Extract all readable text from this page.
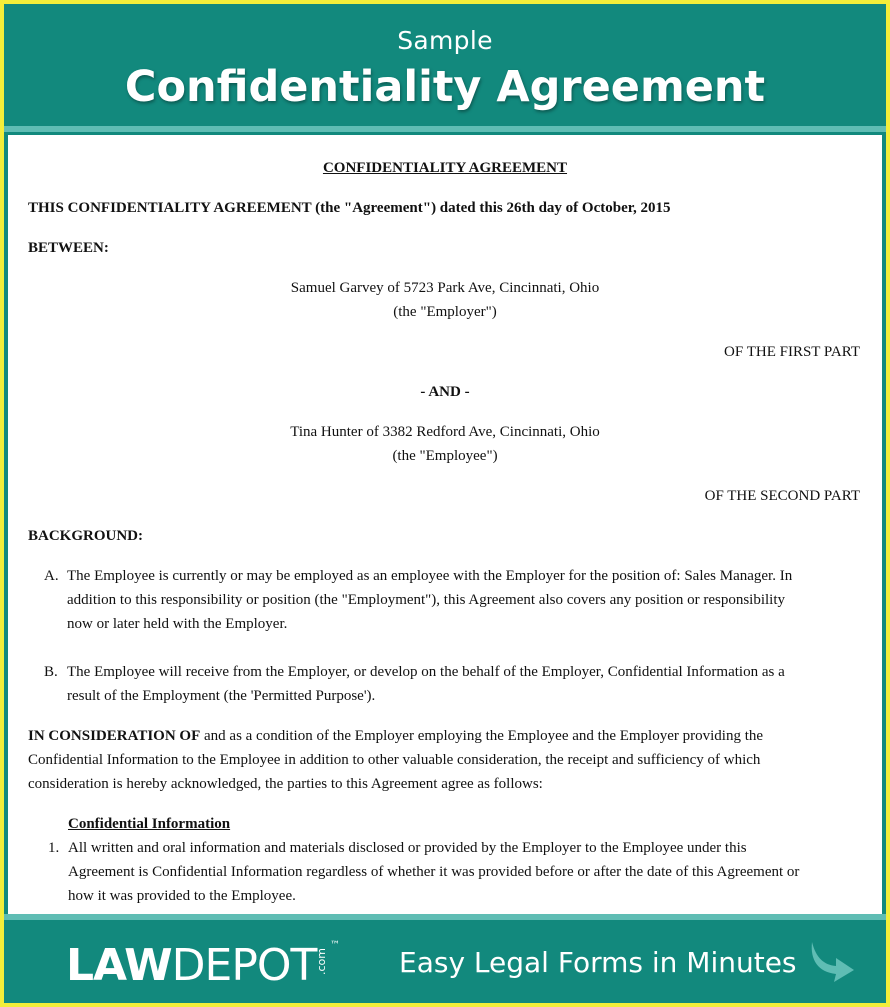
Sample
Confidentiality Agreement
CONFIDENTIALITY AGREEMENT
THIS CONFIDENTIALITY AGREEMENT (the "Agreement") dated this 26th day of October, 2015
BETWEEN:
Samuel Garvey of 5723 Park Ave, Cincinnati, Ohio
(the "Employer")
OF THE FIRST PART
- AND -
Tina Hunter of 3382 Redford Ave, Cincinnati, Ohio
(the "Employee")
OF THE SECOND PART
BACKGROUND:
A. The Employee is currently or may be employed as an employee with the Employer for the position of: Sales Manager. In
addition to this responsibility or position (the "Employment"), this Agreement also covers any position or responsibility
now or later held with the Employer.
B. The Employee will receive from the Employer, or develop on the behalf of the Employer, Confidential Information as a
result of the Employment (the 'Permitted Purpose').
IN CONSIDERATION OF and as a condition of the Employer employing the Employee and the Employer providing the
Confidential Information to the Employee in addition to other valuable consideration, the receipt and sufficiency of which
consideration is hereby acknowledged, the parties to this Agreement agree as follows:
Confidential Information
1. All written and oral information and materials disclosed or provided by the Employer to the Employee under this
Agreement is Confidential Information regardless of whether it was provided before or after the date of this Agreement or
how it was provided to the Employee.
LAWDEPOT
.com
™
Easy Legal Forms in Minutes
